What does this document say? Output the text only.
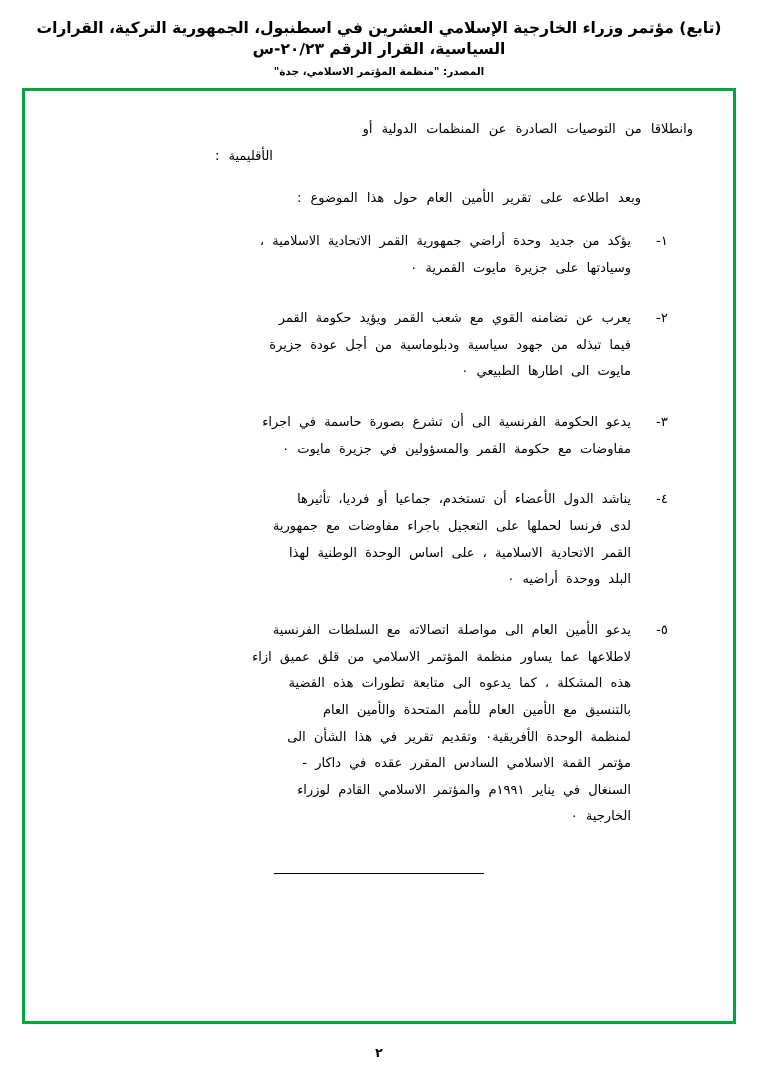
(تابع) مؤتمر وزراء الخارجية الإسلامي العشرين في اسطنبول، الجمهورية التركية، القرارات السياسية، القرار الرقم ٢٠/٢٣-س
المصدر: "منظمة المؤتمر الاسلامي، جدة"

وانطلاقا من التوصيات الصادرة عن المنظمات الدولية أو
الأقليمية :

وبعد اطلاعه على تقرير الأمين العام حول هذا الموضوع :

١-
يؤكد من جديد وحدة أراضي جمهورية القمر الاتحادية الاسلامية ،
وسيادتها على جزيرة مايوت القمرية ٠
٢-
يعرب عن تضامنه القوي مع شعب القمر ويؤيد حكومة القمر
فيما تبذله من جهود سياسية ودبلوماسية من أجل عودة جزيرة
مايوت الى اطارها الطبيعي ٠
٣-
يدعو الحكومة الفرنسية الى أن تشرع بصورة حاسمة في اجراء
مفاوضات مع حكومة القمر والمسؤولين في جزيرة مايوت ٠
٤-
يناشد الدول الأعضاء أن تستخدم، جماعيا أو فرديا، تأثيرها
لدى فرنسا لحملها على التعجيل باجراء مفاوضات مع جمهورية
القمر الاتحادية الاسلامية ، على اساس الوحدة الوطنية لهذا
البلد ووحدة أراضيه ٠
٥-
يدعو الأمين العام الى مواصلة اتصالاته مع السلطات الفرنسية
لاطلاعها عما يساور منظمة المؤتمر الاسلامي من قلق عميق ازاء
هذه المشكلة ، كما يدعوه الى متابعة تطورات هذه القضية
بالتنسيق مع الأمين العام للأمم المتحدة والأمين العام
لمنظمة الوحدة الأفريقية٠ وتقديم تقرير في هذا الشأن الى
مؤتمر القمة الاسلامي السادس المقرر عقده في داكار -
السنغال في يناير ١٩٩١م والمؤتمر الاسلامي القادم لوزراء
الخارجية ٠
٢
